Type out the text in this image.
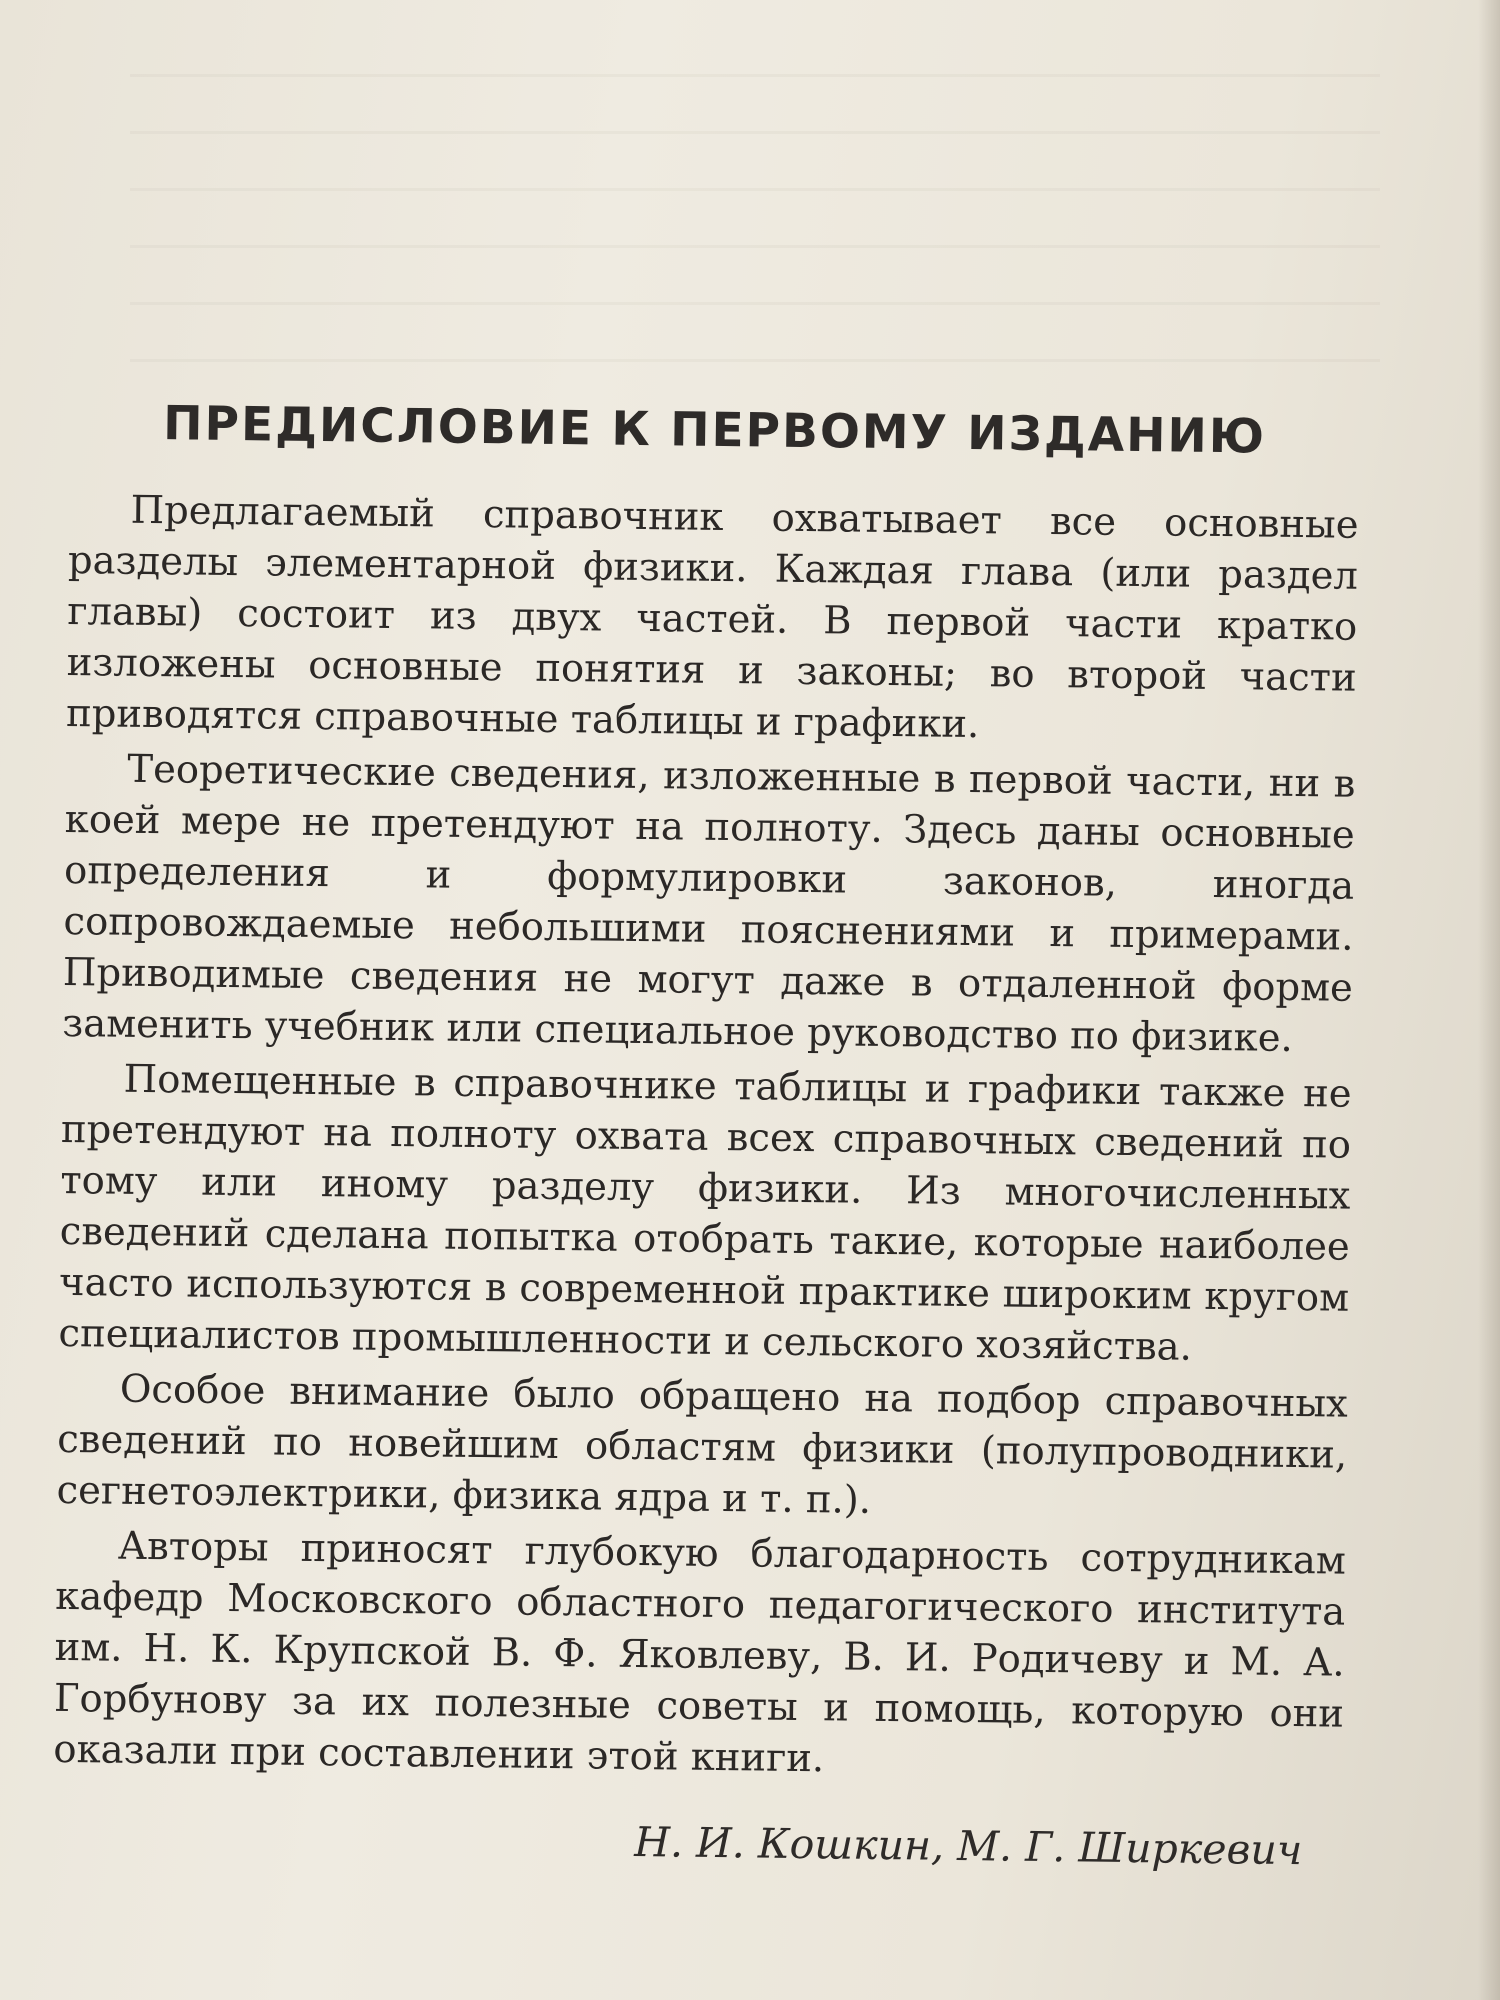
ПРЕДИСЛОВИЕ К ПЕРВОМУ ИЗДАНИЮ

Предлагаемый справочник охватывает все основные разделы элементарной физики. Каждая глава (или раздел главы) состоит из двух частей. В первой части кратко изложены основные понятия и законы; во второй части приводятся справочные таблицы и графики.

Теоретические сведения, изложенные в первой части, ни в коей мере не претендуют на полноту. Здесь даны основные определения и формулировки законов, иногда сопровождаемые небольшими пояснениями и примерами. Приводимые сведения не могут даже в отдаленной форме заменить учебник или специальное руководство по физике.

Помещенные в справочнике таблицы и графики также не претендуют на полноту охвата всех справочных сведений по тому или иному разделу физики. Из многочисленных сведений сделана попытка отобрать такие, которые наиболее часто используются в современной практике широким кругом специалистов промышленности и сельского хозяйства.

Особое внимание было обращено на подбор справочных сведений по новейшим областям физики (полупроводники, сегнетоэлектрики, физика ядра и т. п.).

Авторы приносят глубокую благодарность сотрудникам кафедр Московского областного педагогического института им. Н. К. Крупской В. Ф. Яковлеву, В. И. Родичеву и М. А. Горбунову за их полезные советы и помощь, которую они оказали при составлении этой книги.

Н. И. Кошкин, М. Г. Ширкевич
